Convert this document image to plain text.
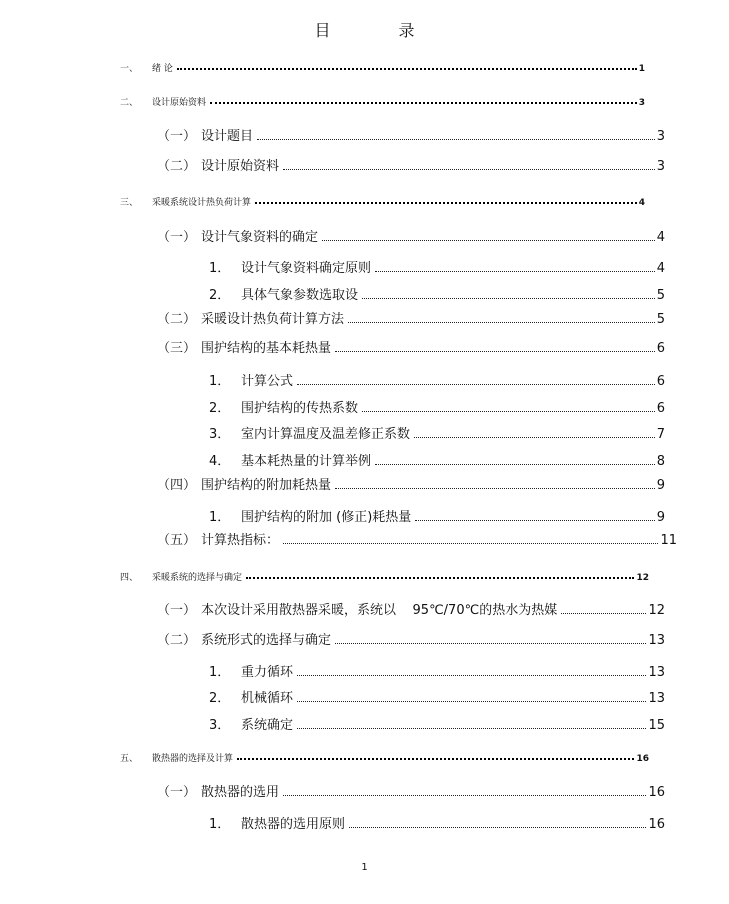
目　录
一、	绪 论	1
二、	设计原始资料	3
（一） 设计题目	3
（二） 设计原始资料	3
三、	采暖系统设计热负荷计算	4
（一） 设计气象资料的确定	4
1． 设计气象资料确定原则	4
2． 具体气象参数选取设	5
（二） 采暖设计热负荷计算方法	5
（三） 围护结构的基本耗热量	6
1． 计算公式	6
2． 围护结构的传热系数	6
3． 室内计算温度及温差修正系数	7
4． 基本耗热量的计算举例	8
（四） 围护结构的附加耗热量	9
1． 围护结构的附加 (修正)耗热量	9
（五） 计算热指标：	11
四、	采暖系统的选择与确定	12
（一） 本次设计采用散热器采暖，系统以    95℃/70℃的热水为热媒	12
（二） 系统形式的选择与确定	13
1． 重力循环	13
2． 机械循环	13
3． 系统确定	15
五、	散热器的选择及计算	16
（一） 散热器的选用	16
1． 散热器的选用原则	16
1
